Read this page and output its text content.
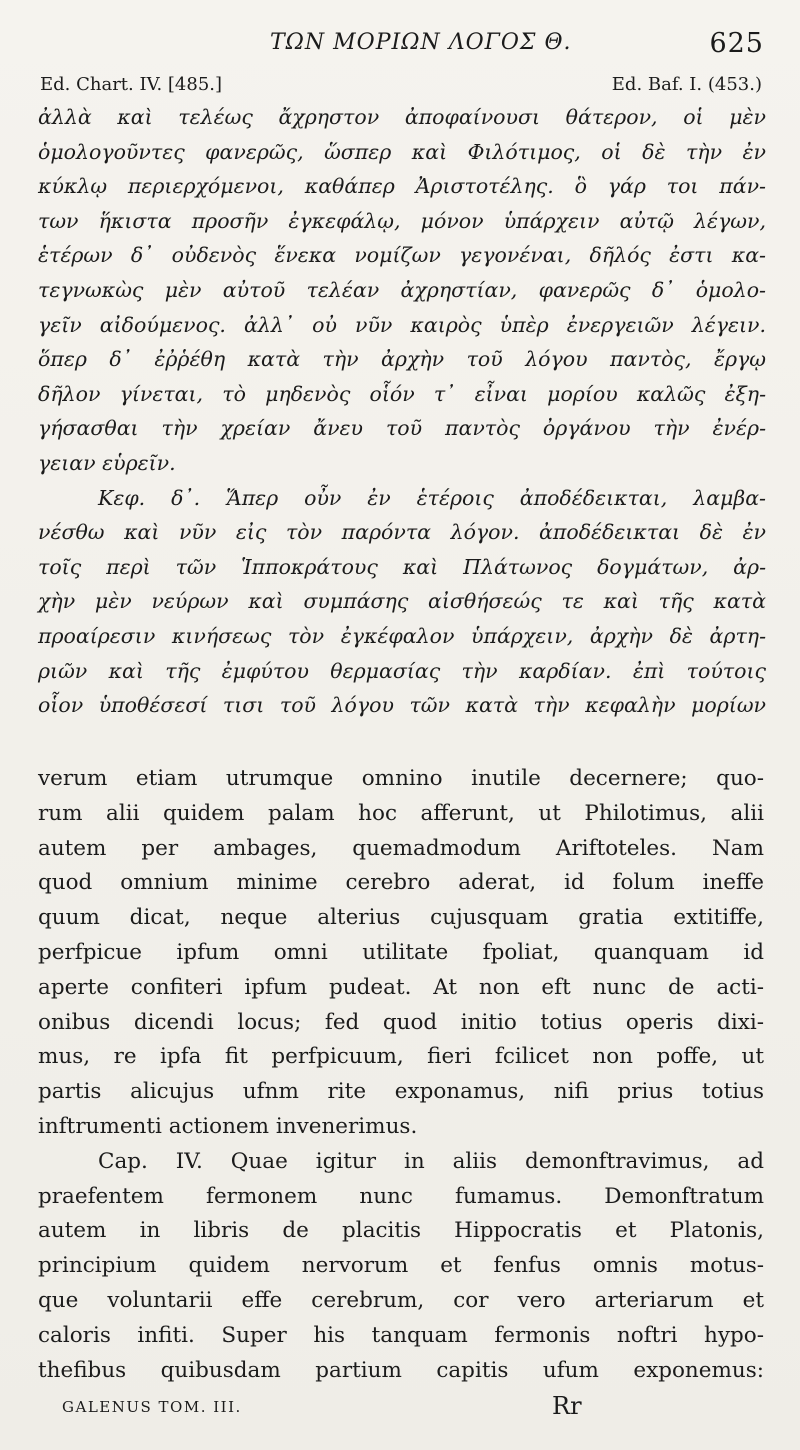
ΤΩΝ ΜΟΡΙΩΝ ΛΟΓΟΣ Θ.	625
Ed. Chart. IV. [485.]	Ed. Baf. I. (453.)
ἀλλὰ καὶ τελέως ἄχρηστον ἀποφαίνουσι θάτερον, οἱ μὲν
ὁμολογοῦντες φανερῶς, ὥσπερ καὶ Φιλότιμος, οἱ δὲ τὴν ἐν
κύκλῳ περιερχόμενοι, καθάπερ Ἀριστοτέλης. ὃ γάρ τοι πάν-
των ἥκιστα προσῆν ἐγκεφάλῳ, μόνον ὑπάρχειν αὐτῷ λέγων,
ἑτέρων δ᾽ οὐδενὸς ἕνεκα νομίζων γεγονέναι, δῆλός ἐστι κα-
τεγνωκὼς μὲν αὐτοῦ τελέαν ἀχρηστίαν, φανερῶς δ᾽ ὁμολο-
γεῖν αἰδούμενος. ἀλλ᾽ οὐ νῦν καιρὸς ὑπὲρ ἐνεργειῶν λέγειν.
ὅπερ δ᾽ ἐῤῥέθη κατὰ τὴν ἀρχὴν τοῦ λόγου παντὸς, ἔργῳ
δῆλον γίνεται, τὸ μηδενὸς οἷόν τ᾽ εἶναι μορίου καλῶς ἐξη-
γήσασθαι τὴν χρείαν ἄνευ τοῦ παντὸς ὀργάνου τὴν ἐνέρ-
γειαν εὑρεῖν.
Κεφ. δ᾽. Ἅπερ οὖν ἐν ἑτέροις ἀποδέδεικται, λαμβα-
νέσθω καὶ νῦν εἰς τὸν παρόντα λόγον. ἀποδέδεικται δὲ ἐν
τοῖς περὶ τῶν Ἱπποκράτους καὶ Πλάτωνος δογμάτων, ἀρ-
χὴν μὲν νεύρων καὶ συμπάσης αἰσθήσεώς τε καὶ τῆς κατὰ
προαίρεσιν κινήσεως τὸν ἐγκέφαλον ὑπάρχειν, ἀρχὴν δὲ ἀρτη-
ριῶν καὶ τῆς ἐμφύτου θερμασίας τὴν καρδίαν. ἐπὶ τούτοις
οἷον ὑποθέσεσί τισι τοῦ λόγου τῶν κατὰ τὴν κεφαλὴν μορίων
verum etiam utrumque omnino inutile decernere; quo-
rum alii quidem palam hoc afferunt, ut Philotimus, alii
autem per ambages, quemadmodum Ariftoteles. Nam
quod omnium minime cerebro aderat, id folum ineffe
quum dicat, neque alterius cujusquam gratia extitiffe,
perfpicue ipfum omni utilitate fpoliat, quanquam id
aperte confiteri ipfum pudeat. At non eft nunc de acti-
onibus dicendi locus; fed quod initio totius operis dixi-
mus, re ipfa fit perfpicuum, fieri fcilicet non poffe, ut
partis alicujus ufnm rite exponamus, nifi prius totius
inftrumenti actionem invenerimus.
Cap. IV. Quae igitur in aliis demonftravimus, ad
praefentem fermonem nunc fumamus. Demonftratum
autem in libris de placitis Hippocratis et Platonis,
principium quidem nervorum et fenfus omnis motus-
que voluntarii effe cerebrum, cor vero arteriarum et
caloris infiti. Super his tanquam fermonis noftri hypo-
thefibus quibusdam partium capitis ufum exponemus:
GALENUS TOM. III.	Rr
